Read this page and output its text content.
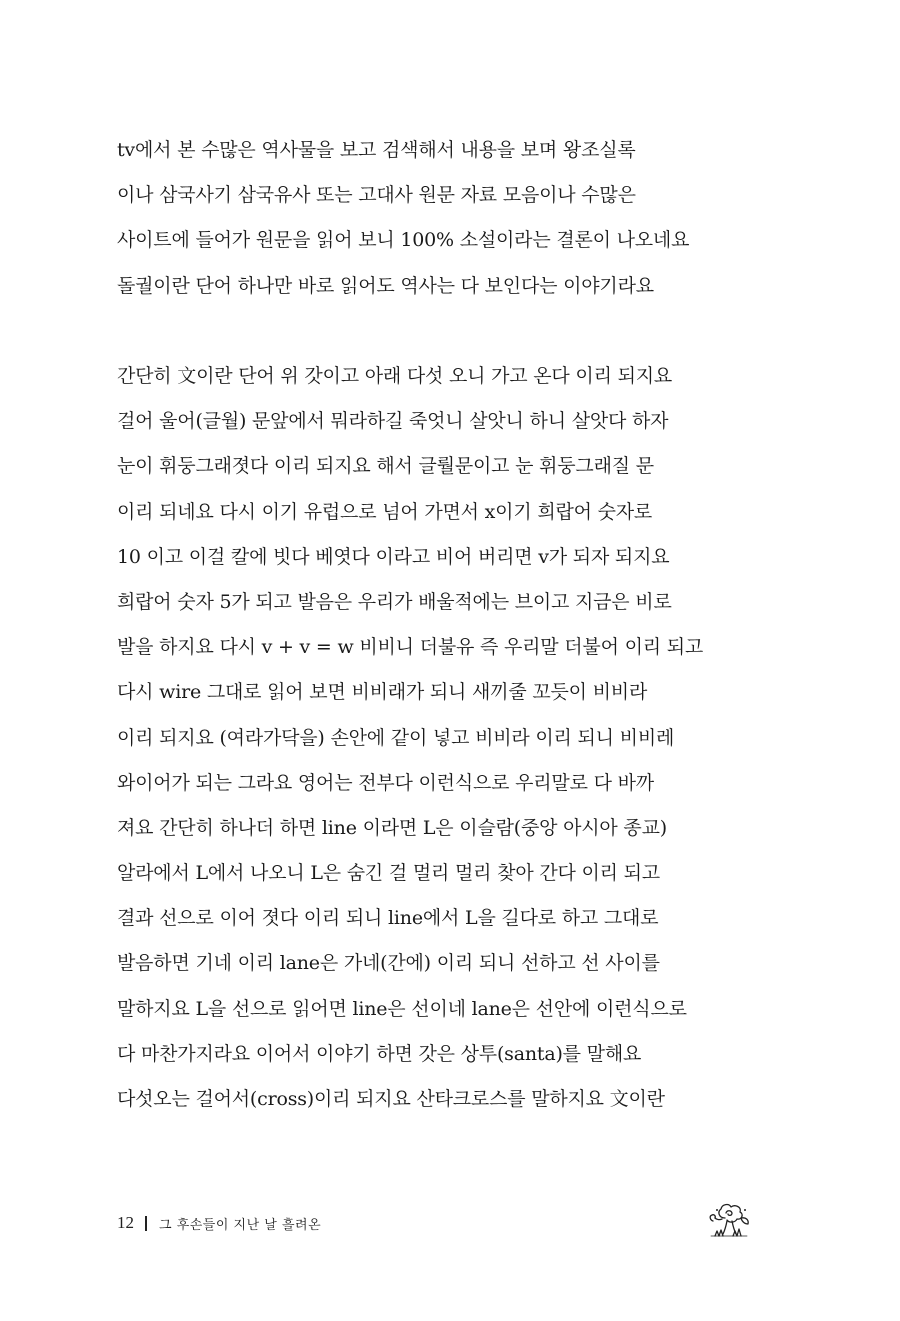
tv에서 본 수많은 역사물을 보고 검색해서 내용을 보며 왕조실록
이나 삼국사기 삼국유사 또는 고대사 원문 자료 모음이나 수많은
사이트에 들어가 원문을 읽어 보니 100% 소설이라는 결론이 나오네요
돌궐이란 단어 하나만 바로 읽어도 역사는 다 보인다는 이야기라요
간단히 文이란 단어 위 갓이고 아래 다섯 오니 가고 온다 이리 되지요
걸어 울어(글월) 문앞에서 뭐라하길 죽엇니 살앗니 하니 살앗다 하자
눈이 휘둥그래졋다 이리 되지요 해서 글뤌문이고 눈 휘둥그래질 문
이리 되네요 다시 이기 유럽으로 넘어 가면서 x이기 희랍어 숫자로
10 이고 이걸 칼에 빗다 베엿다 이라고 비어 버리면 v가 되자 되지요
희랍어 숫자 5가 되고 발음은 우리가 배울적에는 브이고 지금은 비로
발을 하지요 다시 v + v = w 비비니 더불유 즉 우리말 더불어 이리 되고
다시 wire 그대로 읽어 보면 비비래가 되니 새끼줄 꼬듯이 비비라
이리 되지요 (여라가닥을) 손안에 같이 넣고 비비라 이리 되니 비비레
와이어가 되는 그라요 영어는 전부다 이런식으로 우리말로 다 바까
져요 간단히 하나더 하면 line 이라면 L은 이슬람(중앙 아시아 종교)
알라에서 L에서 나오니 L은 숨긴 걸 멀리 멀리 찾아 간다 이리 되고
결과 선으로 이어 졋다 이리 되니 line에서 L을 길다로 하고 그대로
발음하면 기네 이리 lane은 가네(간에) 이리 되니 선하고 선 사이를
말하지요 L을 선으로 읽어면 line은 선이네 lane은 선안에 이런식으로
다 마찬가지라요 이어서 이야기 하면 갓은 상투(santa)를 말해요
다섯오는 걸어서(cross)이리 되지요 산타크로스를 말하지요 文이란
12 그 후손들이 지난 날 흘려온
